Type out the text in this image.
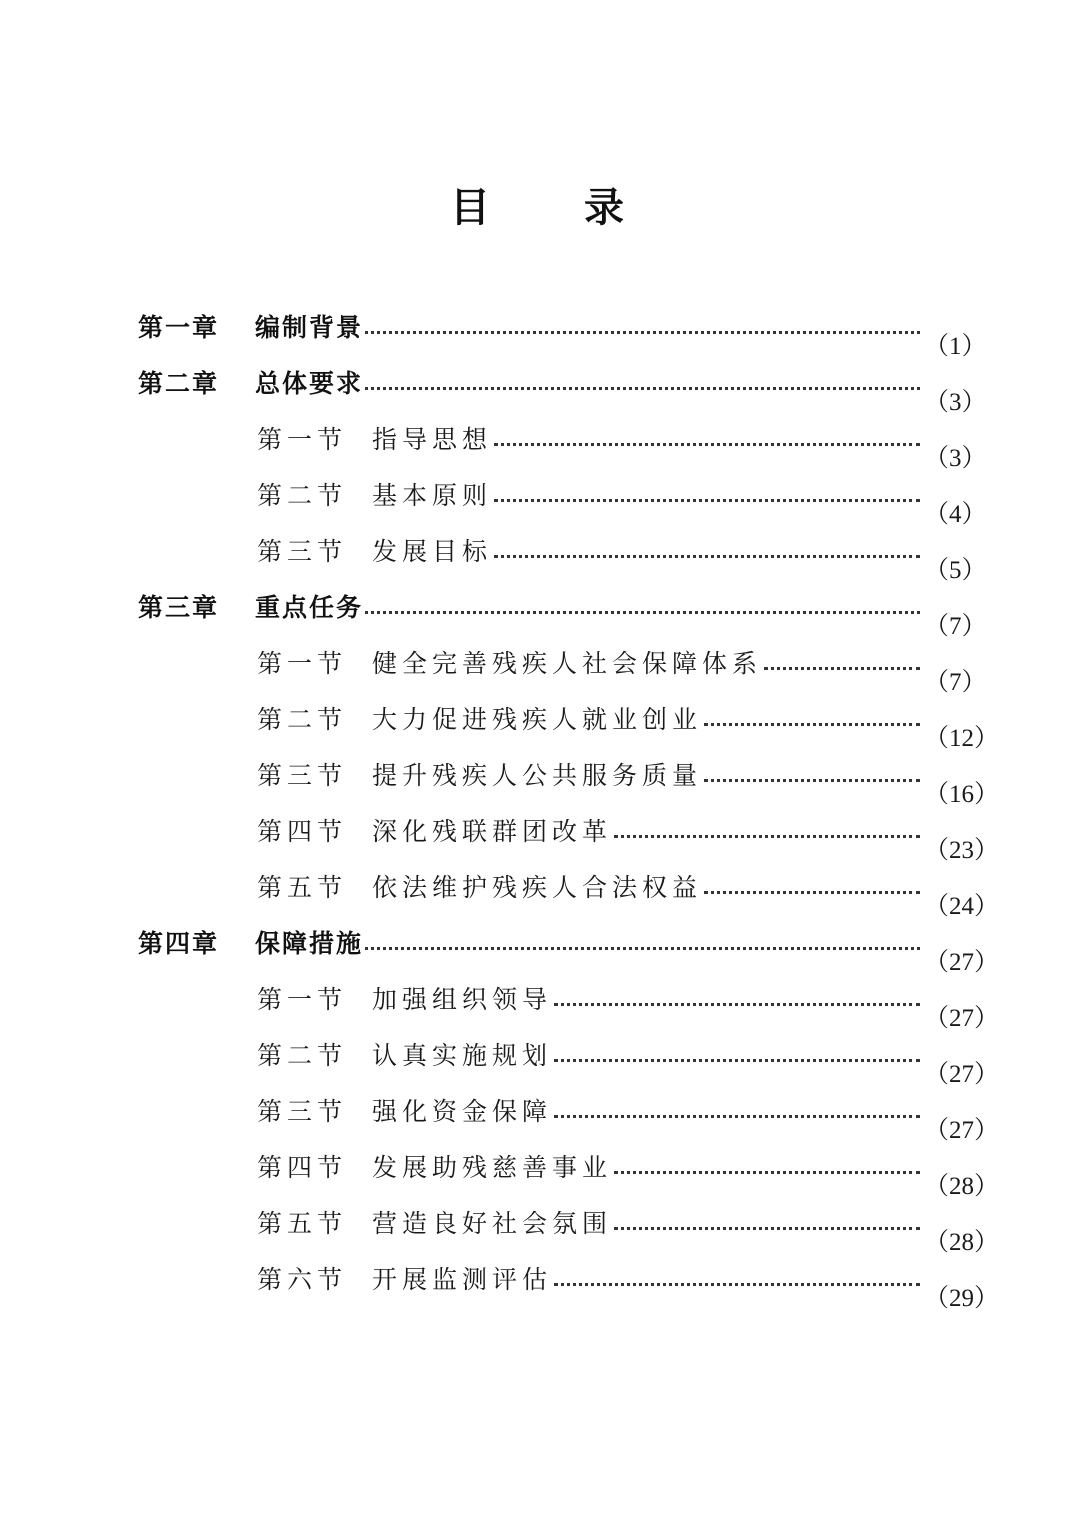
目 录
第一章 编制背景
（1）
第二章 总体要求
（3）
第一节 指导思想
（3）
第二节 基本原则
（4）
第三节 发展目标
（5）
第三章 重点任务
（7）
第一节 健全完善残疾人社会保障体系
（7）
第二节 大力促进残疾人就业创业
（12）
第三节 提升残疾人公共服务质量
（16）
第四节 深化残联群团改革
（23）
第五节 依法维护残疾人合法权益
（24）
第四章 保障措施
（27）
第一节 加强组织领导
（27）
第二节 认真实施规划
（27）
第三节 强化资金保障
（27）
第四节 发展助残慈善事业
（28）
第五节 营造良好社会氛围
（28）
第六节 开展监测评估
（29）
